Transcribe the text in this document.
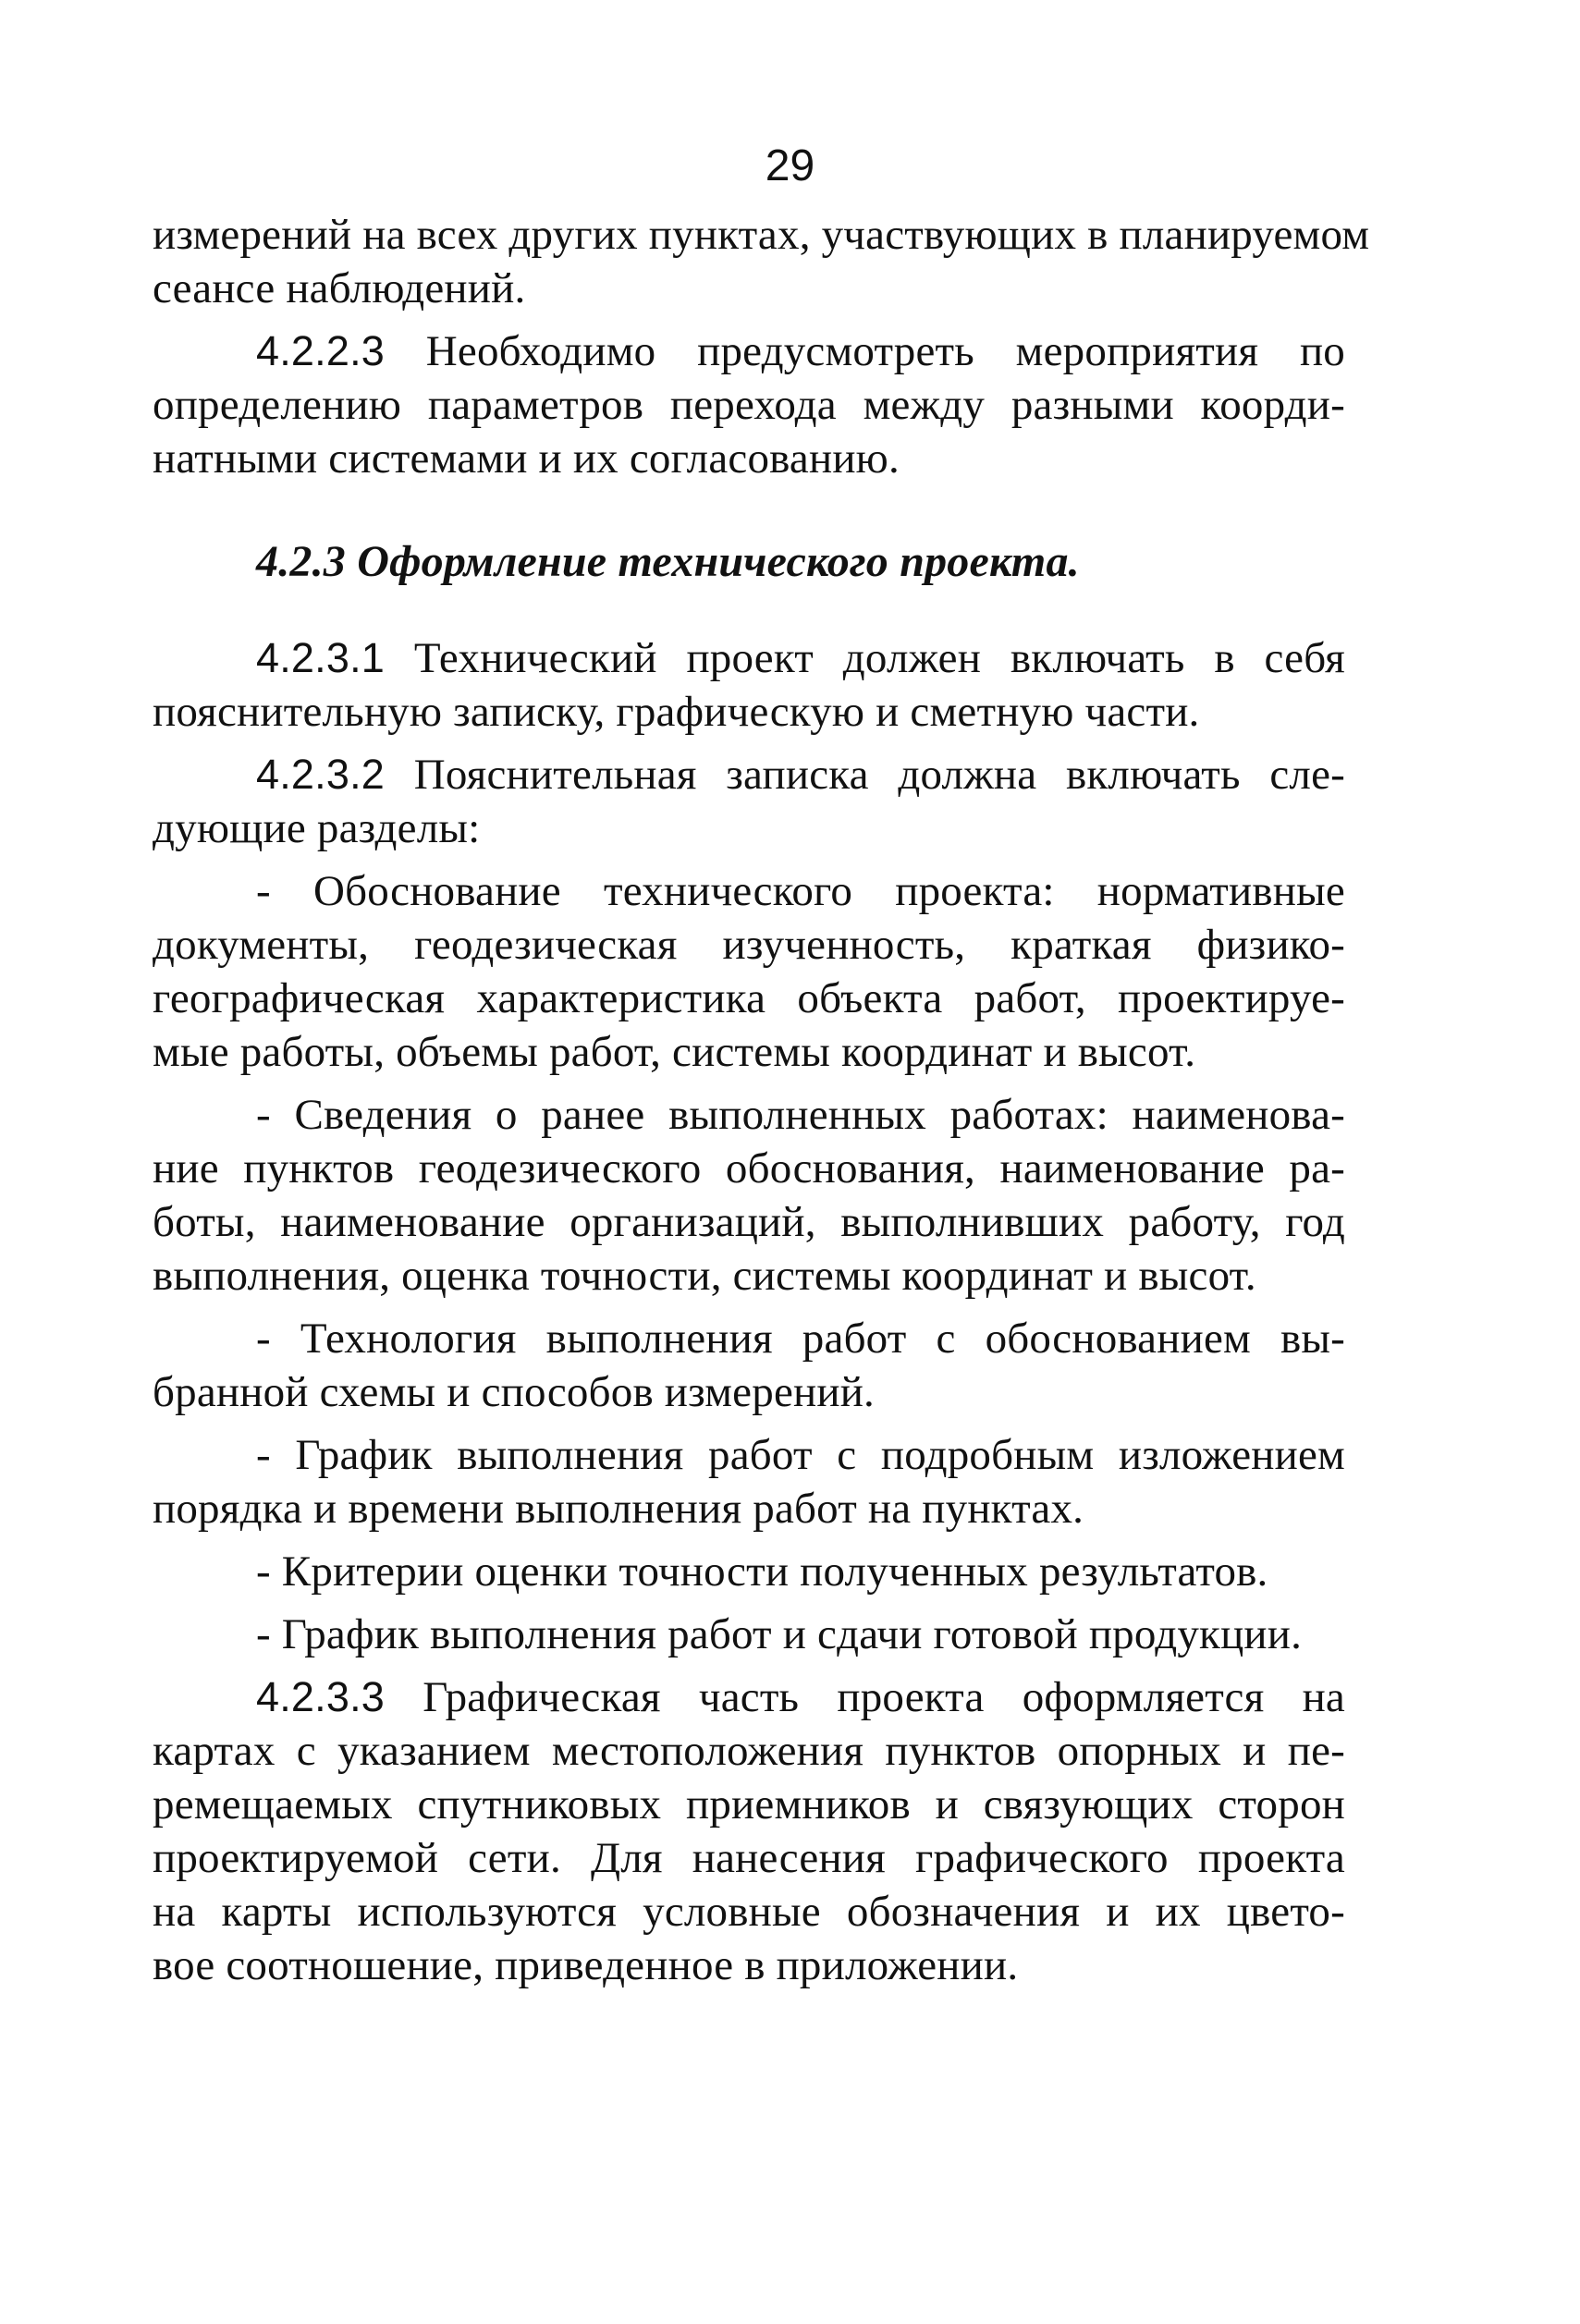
29
измерений на всех других пунктах, участвующих в планируемом
сеансе наблюдений.
4.2.2.3 Необходимо предусмотреть мероприятия по
определению параметров перехода между разными коорди-
натными системами и их согласованию.
4.2.3 Оформление технического проекта.
4.2.3.1 Технический проект должен включать в себя
пояснительную записку, графическую и сметную части.
4.2.3.2 Пояснительная записка должна включать сле-
дующие разделы:
- Обоснование технического проекта: нормативные
документы, геодезическая изученность, краткая физико-
географическая характеристика объекта работ, проектируе-
мые работы, объемы работ, системы координат и высот.
- Сведения о ранее выполненных работах: наименова-
ние пунктов геодезического обоснования, наименование ра-
боты, наименование организаций, выполнивших работу, год
выполнения, оценка точности, системы координат и высот.
- Технология выполнения работ с обоснованием вы-
бранной схемы и способов измерений.
- График выполнения работ с подробным изложением
порядка и времени выполнения работ на пунктах.
- Критерии оценки точности полученных результатов.
- График выполнения работ и сдачи готовой продукции.
4.2.3.3 Графическая часть проекта оформляется на
картах с указанием местоположения пунктов опорных и пе-
ремещаемых спутниковых приемников и связующих сторон
проектируемой сети. Для нанесения графического проекта
на карты используются условные обозначения и их цвето-
вое соотношение, приведенное в приложении.
